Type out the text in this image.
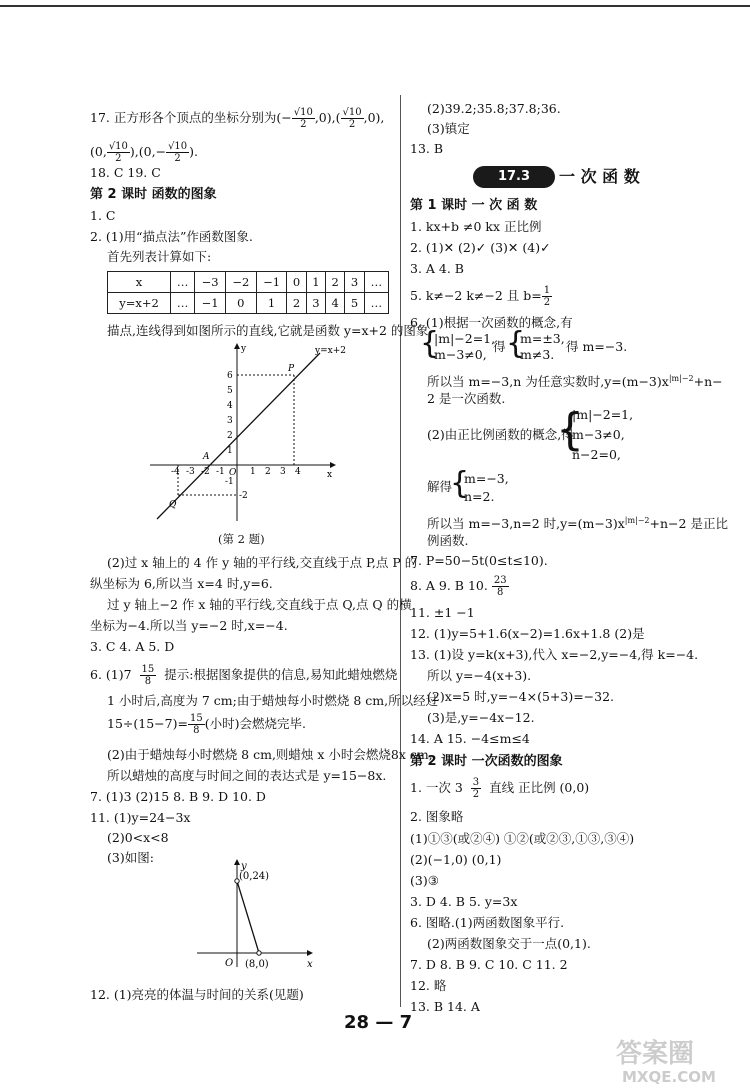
17. 正方形各个顶点的坐标分别为(− $\frac{√10}{2} ,0),( \frac{√10}{2} ,0)$,
(0, $\frac{√10}{2} ),(0,- \frac{√10}{2}$ ).
18. C 19. C
第 2 课时 函数的图象
1. C
2. (1)用“描点法”作函数图象.
首先列表计算如下:
x	…	−3	−2	−1	0	1	2	3	…
y=x+2	…	−1	0	1	2	3	4	5	…
描点,连线得到如图所示的直线,它就是函数 y=x+2 的图象.
y
x
y=x+2
P
A
Q
O
6
5
4
3
2
1
-1
-2
-4 -3 -2 -1	1 2 3 4
(第 2 题)
(2)过 x 轴上的 4 作 y 轴的平行线,交直线于点 P,点 P 的
纵坐标为 6,所以当 x=4 时,y=6.
过 y 轴上−2 作 x 轴的平行线,交直线于点 Q,点 Q 的横
坐标为−4.所以当 y=−2 时,x=−4.
3. C 4. A 5. D
6. $(1)7 \frac{15}{8}$ 提示:根据图象提供的信息,易知此蜡烛燃烧
1 小时后,高度为 7 cm;由于蜡烛每小时燃烧 8 cm,所以经过
$15\div(15-7)= \frac{15}{8}$ (小时)会燃烧完毕.
(2)由于蜡烛每小时燃烧 8 cm,则蜡烛 x 小时会燃烧8x cm,
所以蜡烛的高度与时间之间的表达式是 y=15−8x.
7. (1)3 (2)15 8. B 9. D 10. D
11. (1)y=24−3x
(2)0<x<8
(3)如图:
y
x
O
(0,24)
(8,0)
12. (1)亮亮的体温与时间的关系(见题)
(2)39.2;35.8;37.8;36.
(3)镇定
13. B
17.3	一 次 函 数
第 1 课时 一 次 函 数
1. kx+b ≠0 kx 正比例
2. (1)✕ (2)✓ (3)✕ (4)✓
3. A 4. B
5. k≠−2 k≠−2 且 $b= \frac{1}{2}$
6. (1)根据一次函数的概念,有
{
|m|−2=1,
m−3≠0,
得 {
m=±3,
m≠3.
得 m=−3.
所以当 m=−3,n 为任意实数时$,y=(m-3)x^{|m|-2}+n-$
2 是一次函数.
{
|m|−2=1,
m−3≠0,
n−2=0,
(2)由正比例函数的概念,得
解得
{
m=−3,
n=2.
所以当 m=−3,n=2 时$,y=(m-3)x^{|m|-2}+n-2$ 是正比
例函数.
7. P=50−5t(0≤t≤10).
8. A 9. B 10. $\frac{23}{8}$
11. ±1 −1
12. (1)y=5+1.6(x−2)=1.6x+1.8 (2)是
13. (1)设 y=k(x+3),代入 x=−2,y=−4,得 k=−4.
所以 y=−4(x+3).
(2)x=5 时,y=−4×(5+3)=−32.
(3)是,y=−4x−12.
14. A 15. −4≤m≤4
第 2 课时 一次函数的图象
1. 一次 $3 \frac{3}{2}$ 直线 正比例 (0,0)
2. 图象略
(1)①③(或②④) ①②(或②③,①③,③④)
(2)(−1,0) (0,1)
(3)③
3. D 4. B 5. y=3x
6. 图略.(1)两函数图象平行.
(2)两函数图象交于一点(0,1).
7. D 8. B 9. C 10. C 11. 2
12. 略
13. B 14. A
28 — 7
答案圈
MXQE.COM
